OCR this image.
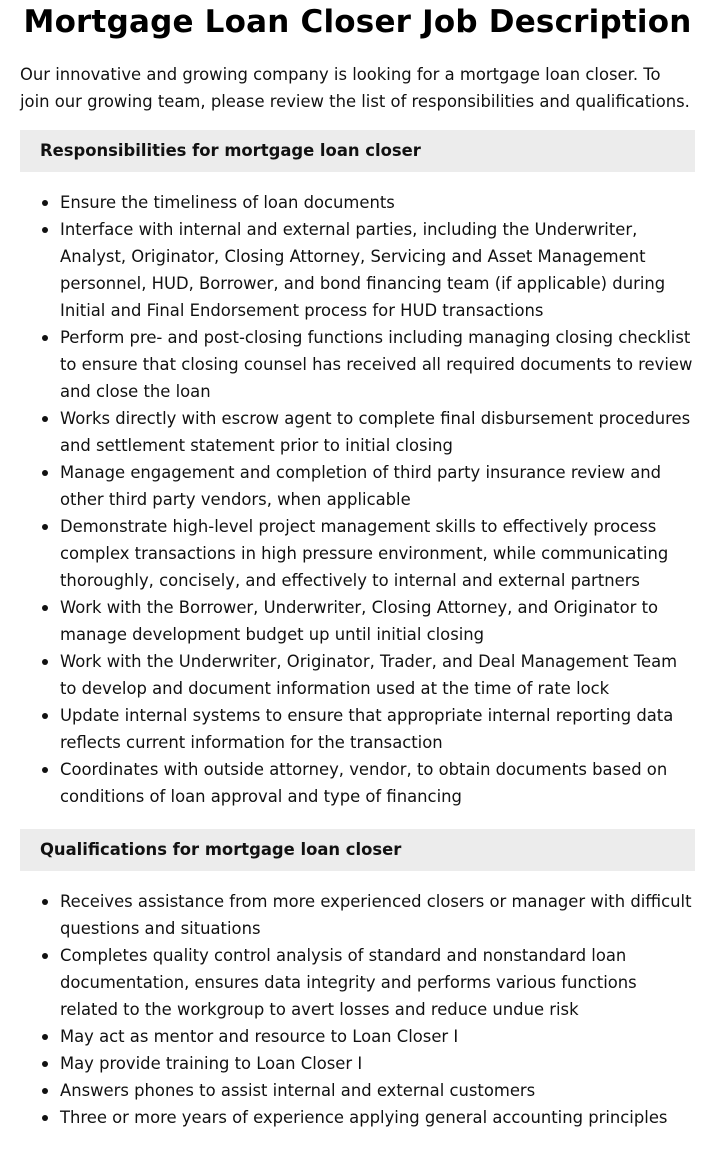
Mortgage Loan Closer Job Description

Our innovative and growing company is looking for a mortgage loan closer. To join our growing team, please review the list of responsibilities and qualifications.

Responsibilities for mortgage loan closer
Ensure the timeliness of loan documents
Interface with internal and external parties, including the Underwriter, Analyst, Originator, Closing Attorney, Servicing and Asset Management personnel, HUD, Borrower, and bond financing team (if applicable) during Initial and Final Endorsement process for HUD transactions
Perform pre- and post-closing functions including managing closing checklist to ensure that closing counsel has received all required documents to review and close the loan
Works directly with escrow agent to complete final disbursement procedures and settlement statement prior to initial closing
Manage engagement and completion of third party insurance review and other third party vendors, when applicable
Demonstrate high-level project management skills to effectively process complex transactions in high pressure environment, while communicating thoroughly, concisely, and effectively to internal and external partners
Work with the Borrower, Underwriter, Closing Attorney, and Originator to manage development budget up until initial closing
Work with the Underwriter, Originator, Trader, and Deal Management Team to develop and document information used at the time of rate lock
Update internal systems to ensure that appropriate internal reporting data reflects current information for the transaction
Coordinates with outside attorney, vendor, to obtain documents based on conditions of loan approval and type of financing
Qualifications for mortgage loan closer
Receives assistance from more experienced closers or manager with difficult questions and situations
Completes quality control analysis of standard and nonstandard loan documentation, ensures data integrity and performs various functions related to the workgroup to avert losses and reduce undue risk
May act as mentor and resource to Loan Closer I
May provide training to Loan Closer I
Answers phones to assist internal and external customers
Three or more years of experience applying general accounting principles
